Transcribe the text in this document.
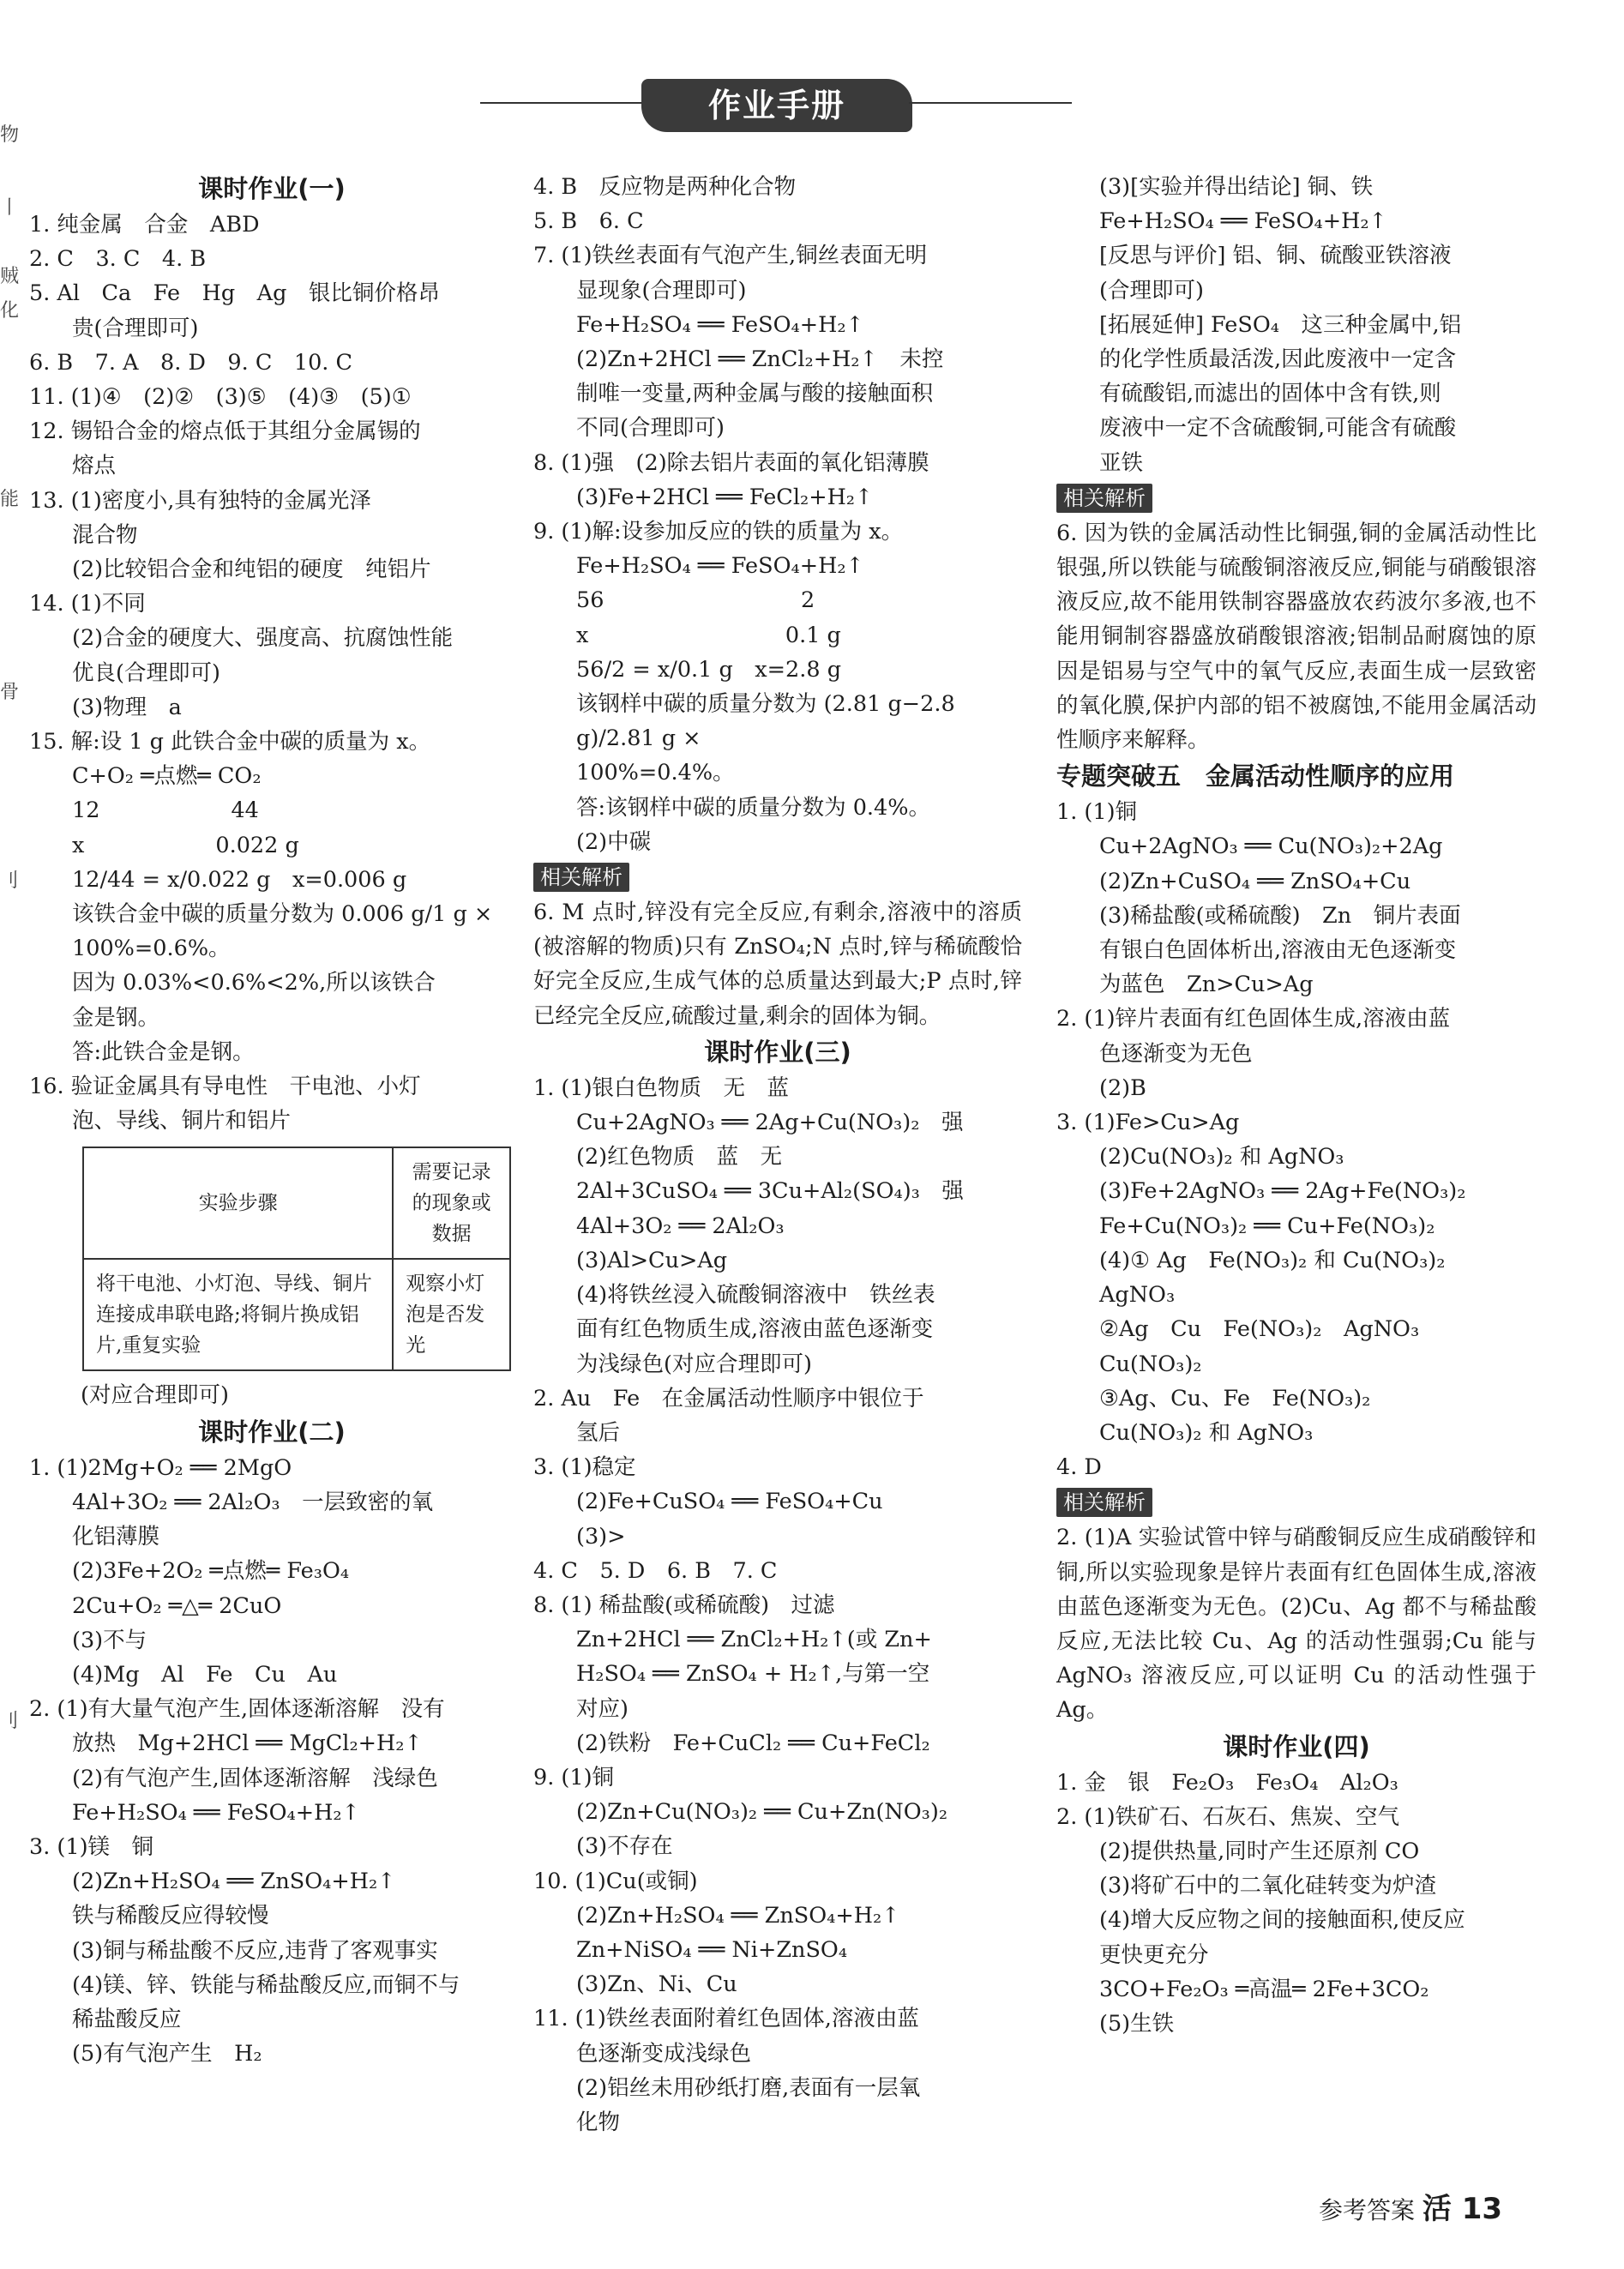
作业手册
物
丨
贼
化
能
骨
刂
刂
课时作业(一)
1. 纯金属　合金　ABD
2. C　3. C　4. B
5. Al　Ca　Fe　Hg　Ag　银比铜价格昂
贵(合理即可)
6. B　7. A　8. D　9. C　10. C
11. (1)④　(2)②　(3)⑤　(4)③　(5)①
12. 锡铅合金的熔点低于其组分金属锡的
熔点
13. (1)密度小,具有独特的金属光泽
混合物
(2)比较铝合金和纯铝的硬度　纯铝片
14. (1)不同
(2)合金的硬度大、强度高、抗腐蚀性能
优良(合理即可)
(3)物理　a
15. 解:设 1 g 此铁合金中碳的质量为 x。
C+O₂ ═点燃═ CO₂
12　　　　　　44
x　　　　　　0.022 g
12/44 = x/0.022 g　x=0.006 g
该铁合金中碳的质量分数为 0.006 g/1 g ×
100%=0.6%。
因为 0.03%<0.6%<2%,所以该铁合
金是钢。
答:此铁合金是钢。
16. 验证金属具有导电性　干电池、小灯
泡、导线、铜片和铝片
实验步骤	需要记录的现象或数据
将干电池、小灯泡、导线、铜片连接成串联电路;将铜片换成铝片,重复实验	观察小灯泡是否发光
(对应合理即可)
课时作业(二)
1. (1)2Mg+O₂ ══ 2MgO
4Al+3O₂ ══ 2Al₂O₃　一层致密的氧
化铝薄膜
(2)3Fe+2O₂ ═点燃═ Fe₃O₄
2Cu+O₂ ═△═ 2CuO
(3)不与
(4)Mg　Al　Fe　Cu　Au
2. (1)有大量气泡产生,固体逐渐溶解　没有
放热　Mg+2HCl ══ MgCl₂+H₂↑
(2)有气泡产生,固体逐渐溶解　浅绿色
Fe+H₂SO₄ ══ FeSO₄+H₂↑
3. (1)镁　铜
(2)Zn+H₂SO₄ ══ ZnSO₄+H₂↑
铁与稀酸反应得较慢
(3)铜与稀盐酸不反应,违背了客观事实
(4)镁、锌、铁能与稀盐酸反应,而铜不与
稀盐酸反应
(5)有气泡产生　H₂
4. B　反应物是两种化合物
5. B　6. C
7. (1)铁丝表面有气泡产生,铜丝表面无明
显现象(合理即可)
Fe+H₂SO₄ ══ FeSO₄+H₂↑
(2)Zn+2HCl ══ ZnCl₂+H₂↑　未控
制唯一变量,两种金属与酸的接触面积
不同(合理即可)
8. (1)强　(2)除去铝片表面的氧化铝薄膜
(3)Fe+2HCl ══ FeCl₂+H₂↑
9. (1)解:设参加反应的铁的质量为 x。
Fe+H₂SO₄ ══ FeSO₄+H₂↑
56　　　　　　　　　2
x　　　　　　　　　0.1 g
56/2 = x/0.1 g　x=2.8 g
该钢样中碳的质量分数为 (2.81 g−2.8 g)/2.81 g ×
100%=0.4%。
答:该钢样中碳的质量分数为 0.4%。
(2)中碳
相关解析
6. M 点时,锌没有完全反应,有剩余,溶液中的溶质(被溶解的物质)只有 ZnSO₄;N 点时,锌与稀硫酸恰好完全反应,生成气体的总质量达到最大;P 点时,锌已经完全反应,硫酸过量,剩余的固体为铜。
课时作业(三)
1. (1)银白色物质　无　蓝
Cu+2AgNO₃ ══ 2Ag+Cu(NO₃)₂　强
(2)红色物质　蓝　无
2Al+3CuSO₄ ══ 3Cu+Al₂(SO₄)₃　强
4Al+3O₂ ══ 2Al₂O₃
(3)Al>Cu>Ag
(4)将铁丝浸入硫酸铜溶液中　铁丝表
面有红色物质生成,溶液由蓝色逐渐变
为浅绿色(对应合理即可)
2. Au　Fe　在金属活动性顺序中银位于
氢后
3. (1)稳定
(2)Fe+CuSO₄ ══ FeSO₄+Cu
(3)>
4. C　5. D　6. B　7. C
8. (1) 稀盐酸(或稀硫酸)　过滤
Zn+2HCl ══ ZnCl₂+H₂↑(或 Zn+
H₂SO₄ ══ ZnSO₄ + H₂↑,与第一空
对应)
(2)铁粉　Fe+CuCl₂ ══ Cu+FeCl₂
9. (1)铜
(2)Zn+Cu(NO₃)₂ ══ Cu+Zn(NO₃)₂
(3)不存在
10. (1)Cu(或铜)
(2)Zn+H₂SO₄ ══ ZnSO₄+H₂↑
Zn+NiSO₄ ══ Ni+ZnSO₄
(3)Zn、Ni、Cu
11. (1)铁丝表面附着红色固体,溶液由蓝
色逐渐变成浅绿色
(2)铝丝未用砂纸打磨,表面有一层氧
化物
(3)[实验并得出结论] 铜、铁
Fe+H₂SO₄ ══ FeSO₄+H₂↑
[反思与评价] 铝、铜、硫酸亚铁溶液
(合理即可)
[拓展延伸] FeSO₄　这三种金属中,铝
的化学性质最活泼,因此废液中一定含
有硫酸铝,而滤出的固体中含有铁,则
废液中一定不含硫酸铜,可能含有硫酸
亚铁
相关解析
6. 因为铁的金属活动性比铜强,铜的金属活动性比银强,所以铁能与硫酸铜溶液反应,铜能与硝酸银溶液反应,故不能用铁制容器盛放农药波尔多液,也不能用铜制容器盛放硝酸银溶液;铝制品耐腐蚀的原因是铝易与空气中的氧气反应,表面生成一层致密的氧化膜,保护内部的铝不被腐蚀,不能用金属活动性顺序来解释。
专题突破五　金属活动性顺序的应用
1. (1)铜
Cu+2AgNO₃ ══ Cu(NO₃)₂+2Ag
(2)Zn+CuSO₄ ══ ZnSO₄+Cu
(3)稀盐酸(或稀硫酸)　Zn　铜片表面
有银白色固体析出,溶液由无色逐渐变
为蓝色　Zn>Cu>Ag
2. (1)锌片表面有红色固体生成,溶液由蓝
色逐渐变为无色
(2)B
3. (1)Fe>Cu>Ag
(2)Cu(NO₃)₂ 和 AgNO₃
(3)Fe+2AgNO₃ ══ 2Ag+Fe(NO₃)₂
Fe+Cu(NO₃)₂ ══ Cu+Fe(NO₃)₂
(4)① Ag　Fe(NO₃)₂ 和 Cu(NO₃)₂
AgNO₃
②Ag　Cu　Fe(NO₃)₂　AgNO₃
Cu(NO₃)₂
③Ag、Cu、Fe　Fe(NO₃)₂
Cu(NO₃)₂ 和 AgNO₃
4. D
相关解析
2. (1)A 实验试管中锌与硝酸铜反应生成硝酸锌和铜,所以实验现象是锌片表面有红色固体生成,溶液由蓝色逐渐变为无色。(2)Cu、Ag 都不与稀盐酸反应,无法比较 Cu、Ag 的活动性强弱;Cu 能与 AgNO₃ 溶液反应,可以证明 Cu 的活动性强于 Ag。
课时作业(四)
1. 金　银　Fe₂O₃　Fe₃O₄　Al₂O₃
2. (1)铁矿石、石灰石、焦炭、空气
(2)提供热量,同时产生还原剂 CO
(3)将矿石中的二氧化硅转变为炉渣
(4)增大反应物之间的接触面积,使反应
更快更充分
3CO+Fe₂O₃ ═高温═ 2Fe+3CO₂
(5)生铁
参考答案 活 13
